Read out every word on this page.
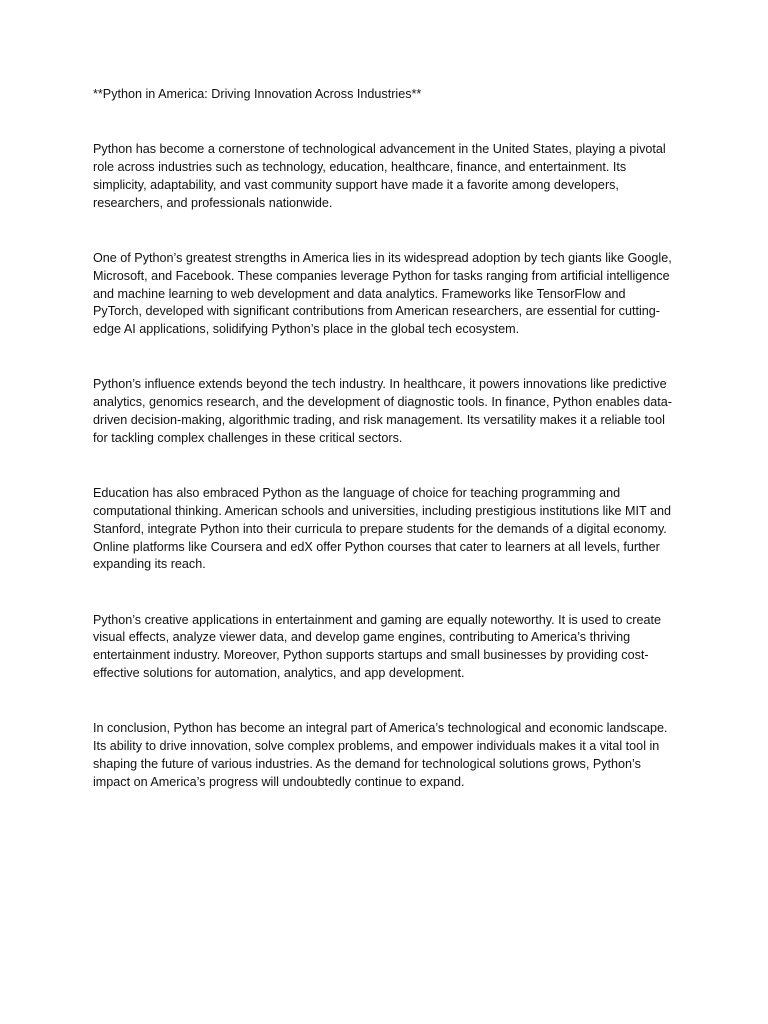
**Python in America: Driving Innovation Across Industries**

Python has become a cornerstone of technological advancement in the United States, playing a pivotal role across industries such as technology, education, healthcare, finance, and entertainment. Its simplicity, adaptability, and vast community support have made it a favorite among developers, researchers, and professionals nationwide.

One of Python’s greatest strengths in America lies in its widespread adoption by tech giants like Google, Microsoft, and Facebook. These companies leverage Python for tasks ranging from artificial intelligence and machine learning to web development and data analytics. Frameworks like TensorFlow and PyTorch, developed with significant contributions from American researchers, are essential for cutting-edge AI applications, solidifying Python’s place in the global tech ecosystem.

Python’s influence extends beyond the tech industry. In healthcare, it powers innovations like predictive analytics, genomics research, and the development of diagnostic tools. In finance, Python enables data-driven decision-making, algorithmic trading, and risk management. Its versatility makes it a reliable tool for tackling complex challenges in these critical sectors.

Education has also embraced Python as the language of choice for teaching programming and computational thinking. American schools and universities, including prestigious institutions like MIT and Stanford, integrate Python into their curricula to prepare students for the demands of a digital economy. Online platforms like Coursera and edX offer Python courses that cater to learners at all levels, further expanding its reach.

Python’s creative applications in entertainment and gaming are equally noteworthy. It is used to create visual effects, analyze viewer data, and develop game engines, contributing to America’s thriving entertainment industry. Moreover, Python supports startups and small businesses by providing cost-effective solutions for automation, analytics, and app development.

In conclusion, Python has become an integral part of America’s technological and economic landscape. Its ability to drive innovation, solve complex problems, and empower individuals makes it a vital tool in shaping the future of various industries. As the demand for technological solutions grows, Python’s impact on America’s progress will undoubtedly continue to expand.
